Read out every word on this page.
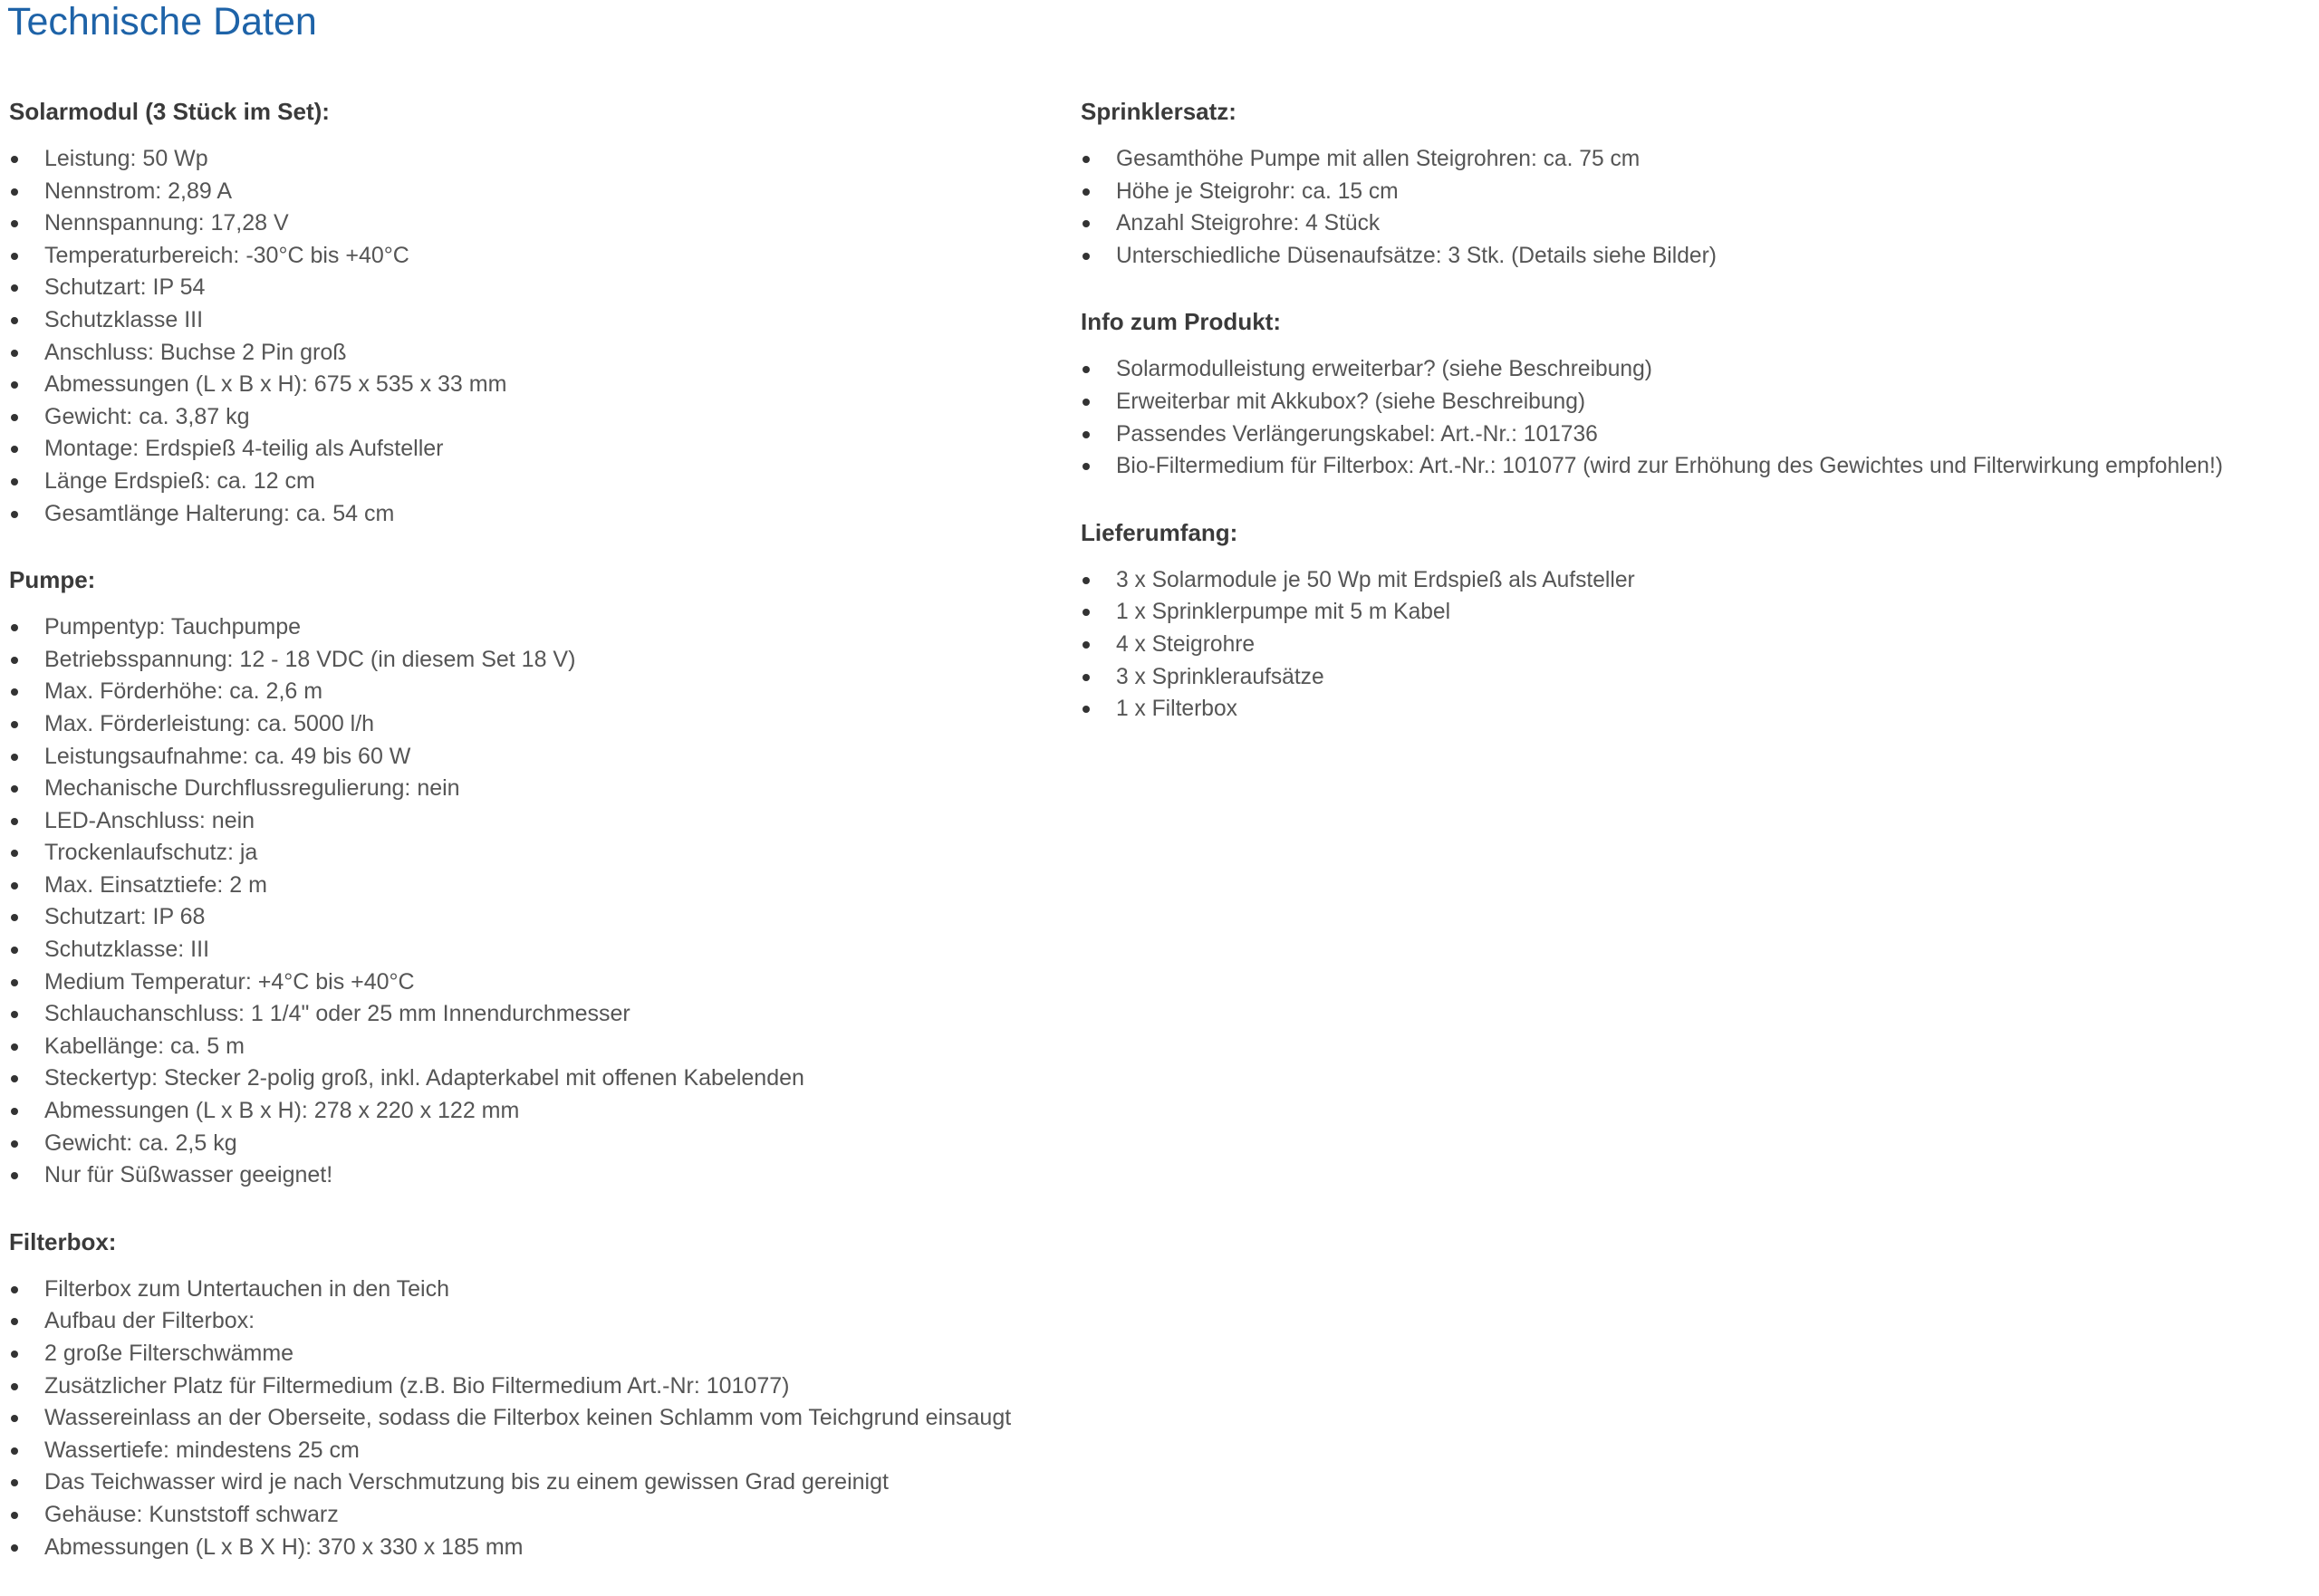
Technische Daten
Solarmodul (3 Stück im Set):
Leistung: 50 Wp
Nennstrom: 2,89 A
Nennspannung: 17,28 V
Temperaturbereich: -30°C bis +40°C
Schutzart: IP 54
Schutzklasse III
Anschluss: Buchse 2 Pin groß
Abmessungen (L x B x H): 675 x 535 x 33 mm
Gewicht: ca. 3,87 kg
Montage: Erdspieß 4-teilig als Aufsteller
Länge Erdspieß: ca. 12 cm
Gesamtlänge Halterung: ca. 54 cm
Pumpe:
Pumpentyp: Tauchpumpe
Betriebsspannung: 12 - 18 VDC (in diesem Set 18 V)
Max. Förderhöhe: ca. 2,6 m
Max. Förderleistung: ca. 5000 l/h
Leistungsaufnahme: ca. 49 bis 60 W
Mechanische Durchflussregulierung: nein
LED-Anschluss: nein
Trockenlaufschutz: ja
Max. Einsatztiefe: 2 m
Schutzart: IP 68
Schutzklasse: III
Medium Temperatur: +4°C bis +40°C
Schlauchanschluss: 1 1/4" oder 25 mm Innendurchmesser
Kabellänge: ca. 5 m
Steckertyp: Stecker 2-polig groß, inkl. Adapterkabel mit offenen Kabelenden
Abmessungen (L x B x H): 278 x 220 x 122 mm
Gewicht: ca. 2,5 kg
Nur für Süßwasser geeignet!
Filterbox:
Filterbox zum Untertauchen in den Teich
Aufbau der Filterbox:
2 große Filterschwämme
Zusätzlicher Platz für Filtermedium (z.B. Bio Filtermedium Art.-Nr: 101077)
Wassereinlass an der Oberseite, sodass die Filterbox keinen Schlamm vom Teichgrund einsaugt
Wassertiefe: mindestens 25 cm
Das Teichwasser wird je nach Verschmutzung bis zu einem gewissen Grad gereinigt
Gehäuse: Kunststoff schwarz
Abmessungen (L x B X H): 370 x 330 x 185 mm
Sprinklersatz:
Gesamthöhe Pumpe mit allen Steigrohren: ca. 75 cm
Höhe je Steigrohr: ca. 15 cm
Anzahl Steigrohre: 4 Stück
Unterschiedliche Düsenaufsätze: 3 Stk. (Details siehe Bilder)
Info zum Produkt:
Solarmodulleistung erweiterbar? (siehe Beschreibung)
Erweiterbar mit Akkubox? (siehe Beschreibung)
Passendes Verlängerungskabel: Art.-Nr.: 101736
Bio-Filtermedium für Filterbox: Art.-Nr.: 101077 (wird zur Erhöhung des Gewichtes und Filterwirkung empfohlen!)
Lieferumfang:
3 x Solarmodule je 50 Wp mit Erdspieß als Aufsteller
1 x Sprinklerpumpe mit 5 m Kabel
4 x Steigrohre
3 x Sprinkleraufsätze
1 x Filterbox
